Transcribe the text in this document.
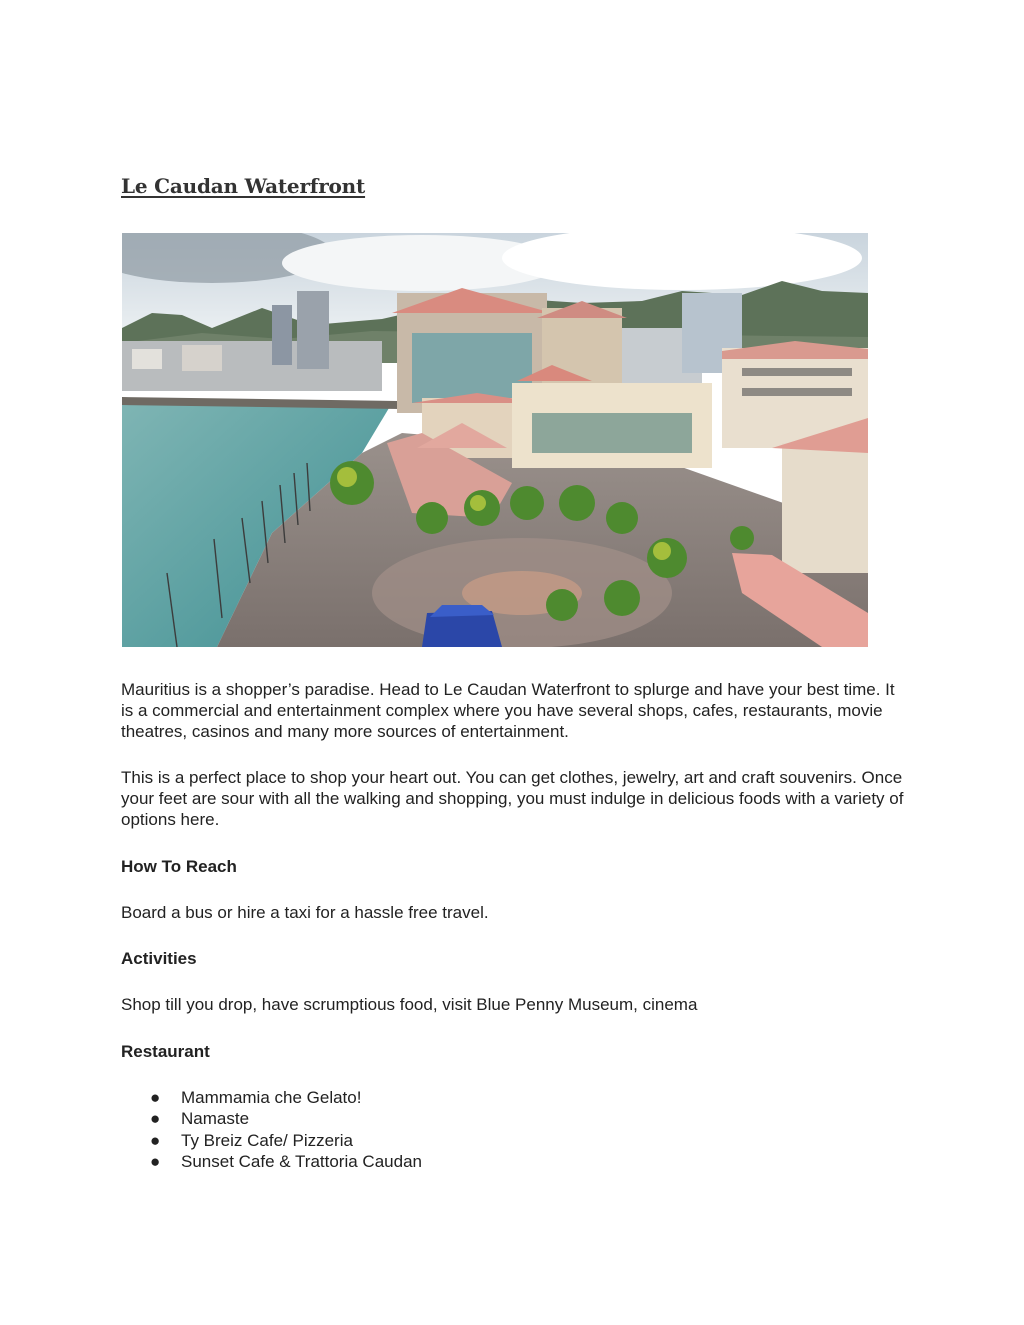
Le Caudan Waterfront

Mauritius is a shopper’s paradise. Head to Le Caudan Waterfront to splurge and have your best time. It is a commercial and entertainment complex where you have several shops, cafes, restaurants, movie theatres, casinos and many more sources of entertainment.

This is a perfect place to shop your heart out. You can get clothes, jewelry, art and craft souvenirs. Once your feet are sour with all the walking and shopping, you must indulge in delicious foods with a variety of options here.

How To Reach

Board a bus or hire a taxi for a hassle free travel.

Activities

Shop till you drop, have scrumptious food, visit Blue Penny Museum, cinema

Restaurant
● Mammamia che Gelato!
● Namaste
● Ty Breiz Cafe/ Pizzeria
● Sunset Cafe & Trattoria Caudan
